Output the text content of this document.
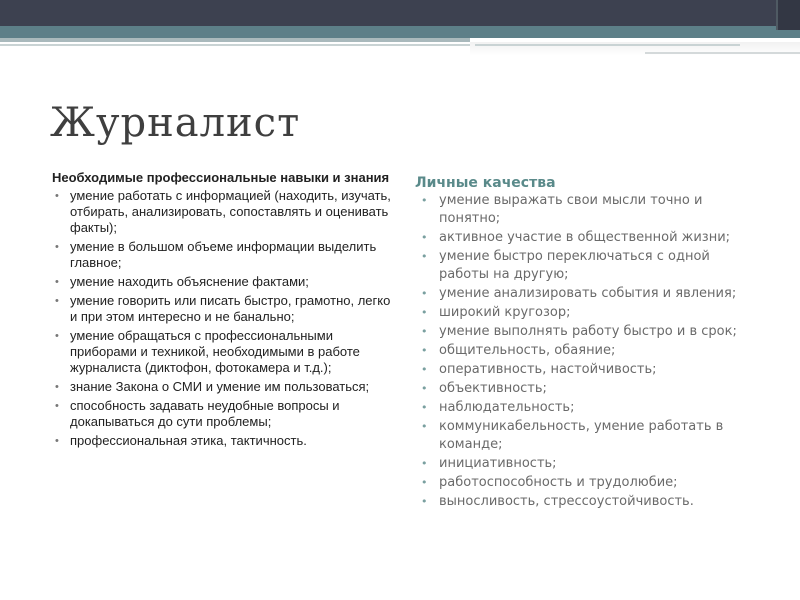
Журналист
Необходимые профессиональные навыки и знания
• умение работать с информацией (находить, изучать, отбирать, анализировать, сопоставлять и оценивать факты);
• умение в большом объеме информации выделить главное;
• умение находить объяснение фактами;
• умение говорить или писать быстро, грамотно, легко и при этом интересно и не банально;
• умение обращаться с профессиональными приборами и техникой, необходимыми в работе журналиста (диктофон, фотокамера и т.д.);
• знание Закона о СМИ и умение им пользоваться;
• способность задавать неудобные вопросы и докапываться до сути проблемы;
• профессиональная этика, тактичность.
Личные качества
• умение выражать свои мысли точно и понятно;
• активное участие в общественной жизни;
• умение быстро переключаться с одной работы на другую;
• умение анализировать события и явления;
• широкий кругозор;
• умение выполнять работу быстро и в срок;
• общительность, обаяние;
• оперативность, настойчивость;
• объективность;
• наблюдательность;
• коммуникабельность, умение работать в команде;
• инициативность;
• работоспособность и трудолюбие;
• выносливость, стрессоустойчивость.
